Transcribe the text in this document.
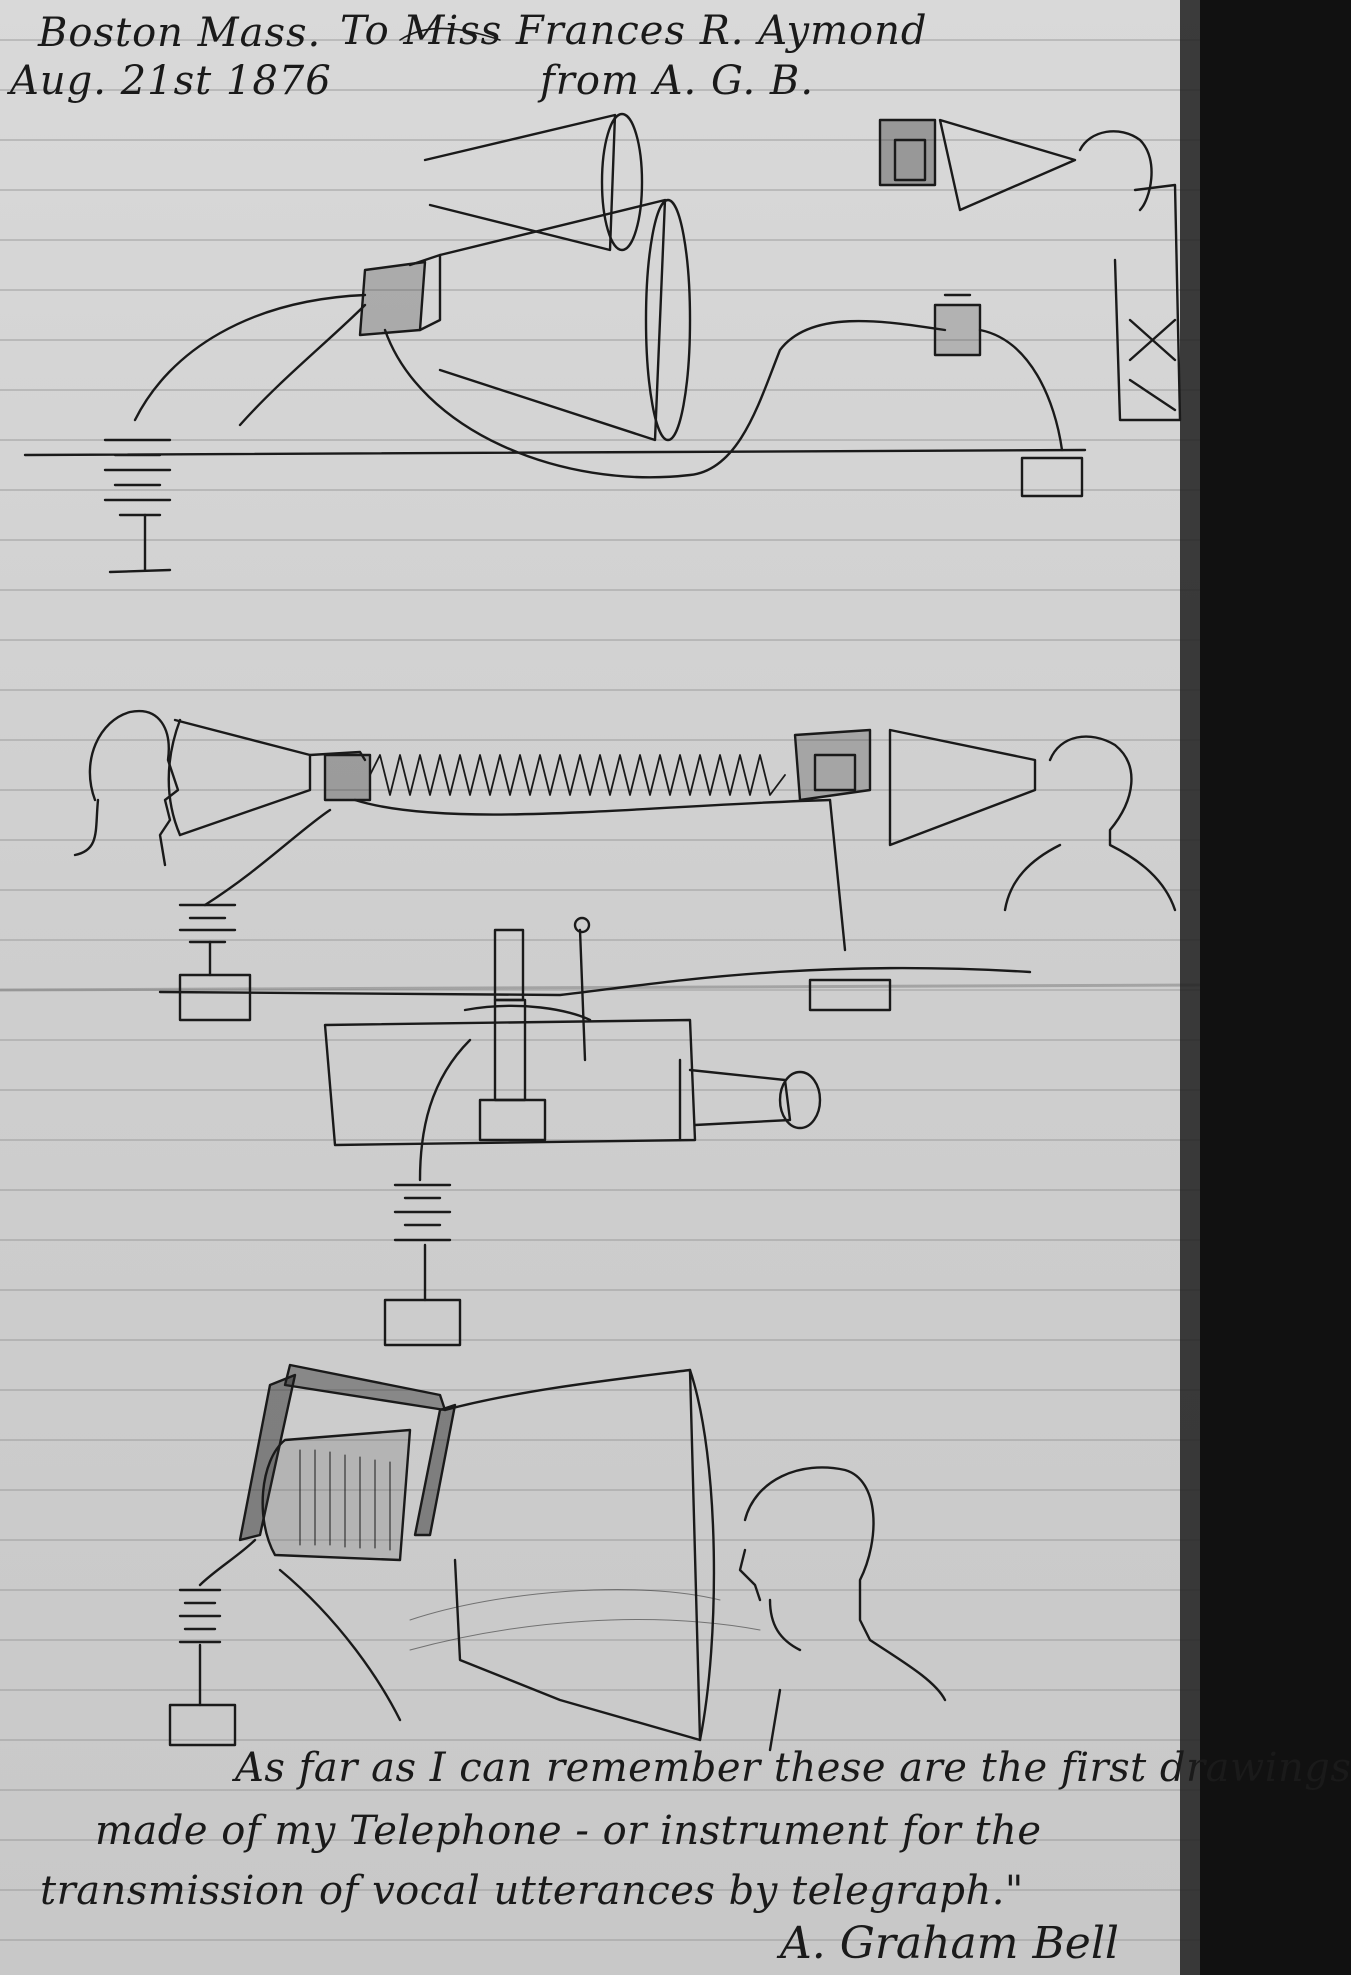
Boston Mass. To Miss Frances R. Aymond

Aug. 21st 1876	from A. G. B.

As far as I can remember these are the first drawings

made of my Telephone - or instrument for the

transmission of vocal utterances by telegraph."

A. Graham Bell
